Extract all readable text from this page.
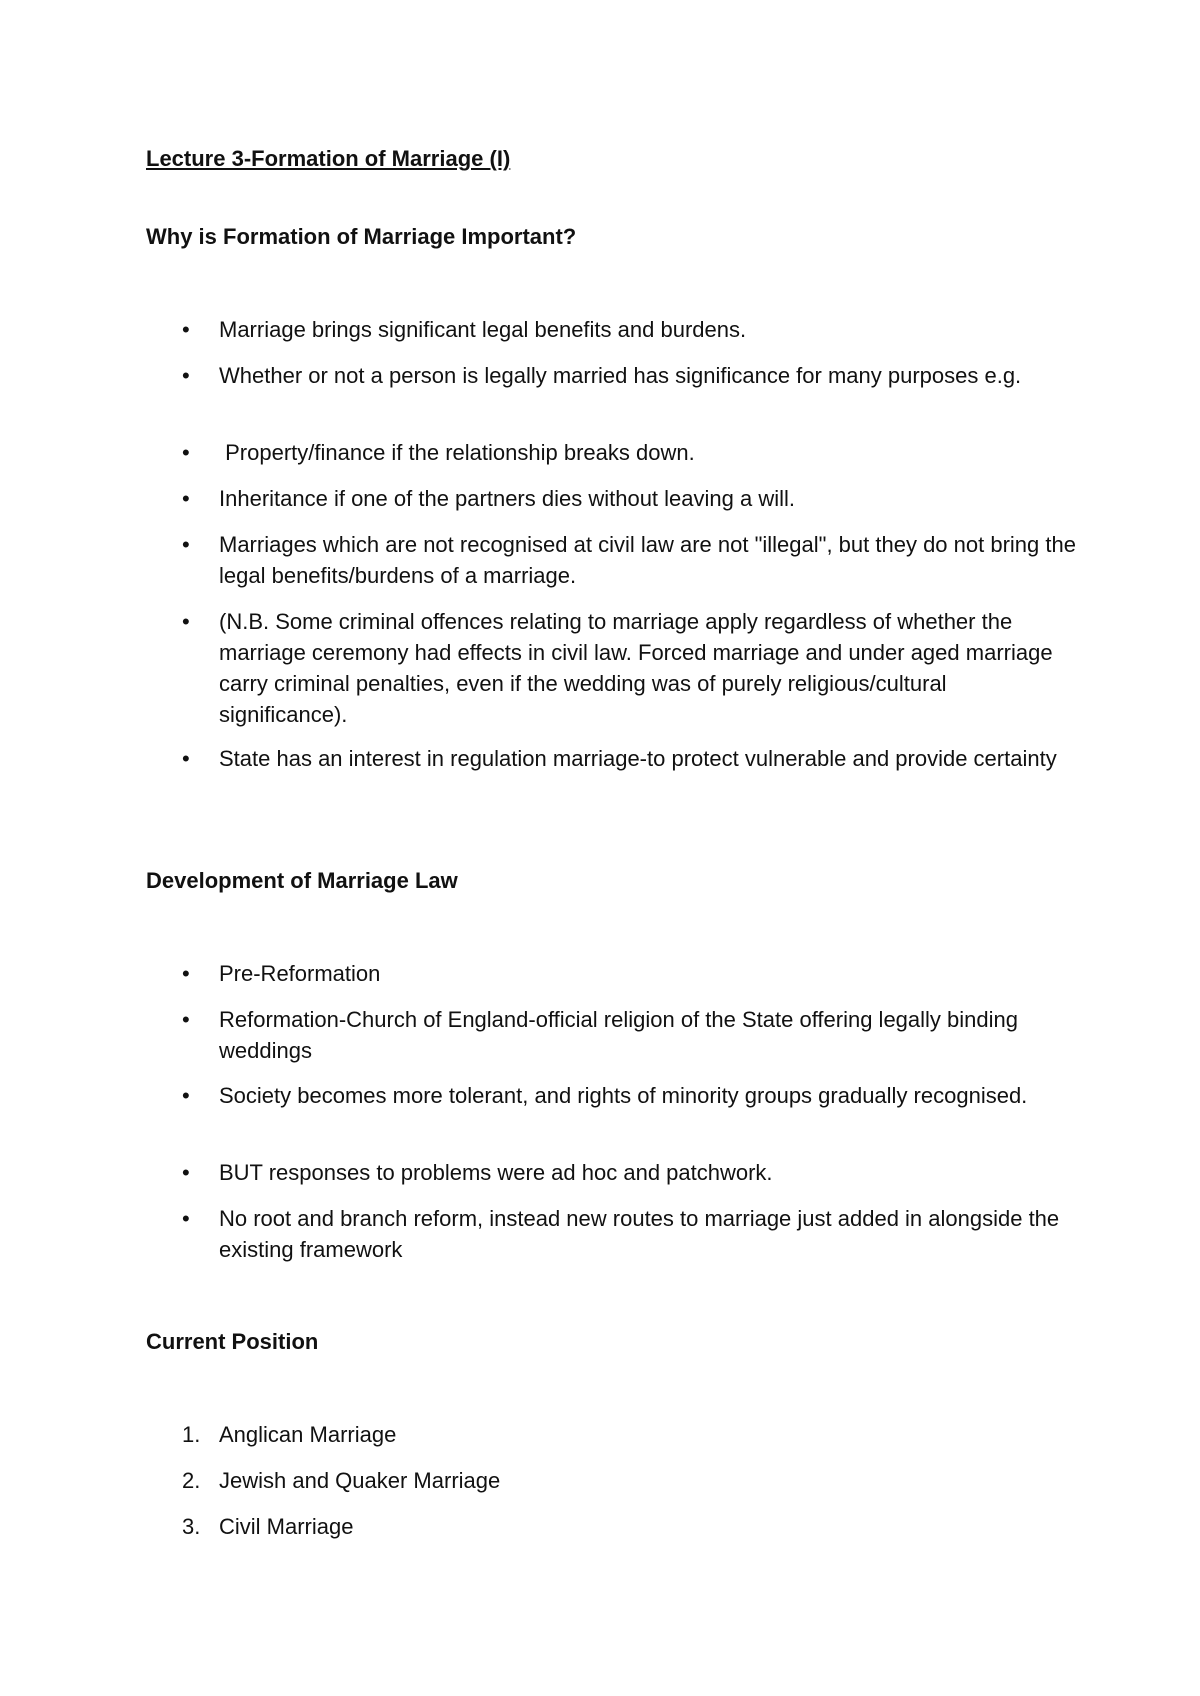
Lecture 3-Formation of Marriage (I)
Why is Formation of Marriage Important?
•	Marriage brings significant legal benefits and burdens.
•	Whether or not a person is legally married has significance for many purposes e.g.
•	Property/finance if the relationship breaks down.
•	Inheritance if one of the partners dies without leaving a will.
•	Marriages which are not recognised at civil law are not "illegal", but they do not bring the legal benefits/burdens of a marriage.
•	(N.B. Some criminal offences relating to marriage apply regardless of whether the marriage ceremony had effects in civil law. Forced marriage and under aged marriage carry criminal penalties, even if the wedding was of purely religious/cultural significance).
•	State has an interest in regulation marriage-to protect vulnerable and provide certainty
Development of Marriage Law
•	Pre-Reformation
•	Reformation-Church of England-official religion of the State offering legally binding weddings
•	Society becomes more tolerant, and rights of minority groups gradually recognised.
•	BUT responses to problems were ad hoc and patchwork.
•	No root and branch reform, instead new routes to marriage just added in alongside the existing framework
Current Position
1. Anglican Marriage
2. Jewish and Quaker Marriage
3. Civil Marriage
